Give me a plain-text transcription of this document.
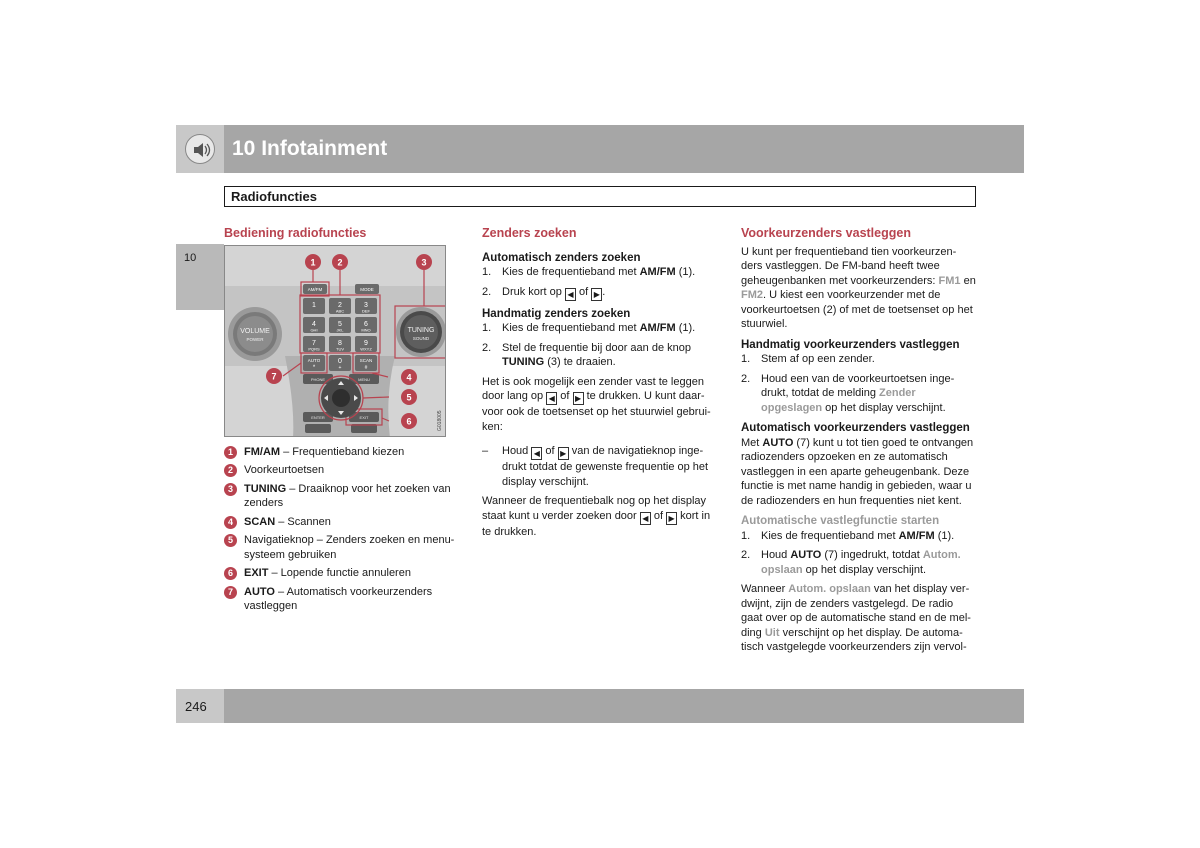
10 Infotainment
Radiofuncties
10
Bediening radiofuncties
VOLUME
POWER
TUNING
SOUND
AM/FM	MODE
1	2	3
ABC	DEF
4	5	6
GHI	JKL	MNO
7	8	9
PQRS	TUV	WXYZ
AUTO
*
0
+
SCAN
#
PHONE	MENU
ENTER	EXIT	G018005
1 2	3
4
5
6
7
1	FM/AM – Frequentieband kiezen
2	Voorkeurtoetsen
3	TUNING – Draaiknop voor het zoeken van zenders
4	SCAN – Scannen
5	Navigatieknop – Zenders zoeken en menu-systeem gebruiken
6	EXIT – Lopende functie annuleren
7	AUTO – Automatisch voorkeurzenders vastleggen
Zenders zoeken
Automatisch zenders zoeken
1. Kies de frequentieband met AM/FM (1).
2. Druk kort op ◀ of ▶ .
Handmatig zenders zoeken
1. Kies de frequentieband met AM/FM (1).
2. Stel de frequentie bij door aan de knop TUNING (3) te draaien.

Het is ook mogelijk een zender vast te leggen door lang op ◀ of ▶ te drukken. U kunt daar-voor ook de toetsenset op het stuurwiel gebrui-ken:

–	Houd ◀ of ▶ van de navigatieknop inge-drukt totdat de gewenste frequentie op het display verschijnt.

Wanneer de frequentiebalk nog op het display staat kunt u verder zoeken door ◀ of ▶ kort in te drukken.

Voorkeurzenders vastleggen

U kunt per frequentieband tien voorkeurzen-ders vastleggen. De FM-band heeft twee geheugenbanken met voorkeurzenders: FM1 en FM2. U kiest een voorkeurzender met de voorkeurtoetsen (2) of met de toetsenset op het stuurwiel.

Handmatig voorkeurzenders vastleggen
1. Stem af op een zender.
2. Houd een van de voorkeurtoetsen inge-drukt, totdat de melding Zender opgeslagen op het display verschijnt.
Automatisch voorkeurzenders vastleggen

Met AUTO (7) kunt u tot tien goed te ontvangen radiozenders opzoeken en ze automatisch vastleggen in een aparte geheugenbank. Deze functie is met name handig in gebieden, waar u de radiozenders en hun frequenties niet kent.

Automatische vastlegfunctie starten
1. Kies de frequentieband met AM/FM (1).
2. Houd AUTO (7) ingedrukt, totdat Autom. opslaan op het display verschijnt.

Wanneer Autom. opslaan van het display ver-dwijnt, zijn de zenders vastgelegd. De radio gaat over op de automatische stand en de mel-ding Uit verschijnt op het display. De automa-tisch vastgelegde voorkeurzenders zijn vervol-

246
